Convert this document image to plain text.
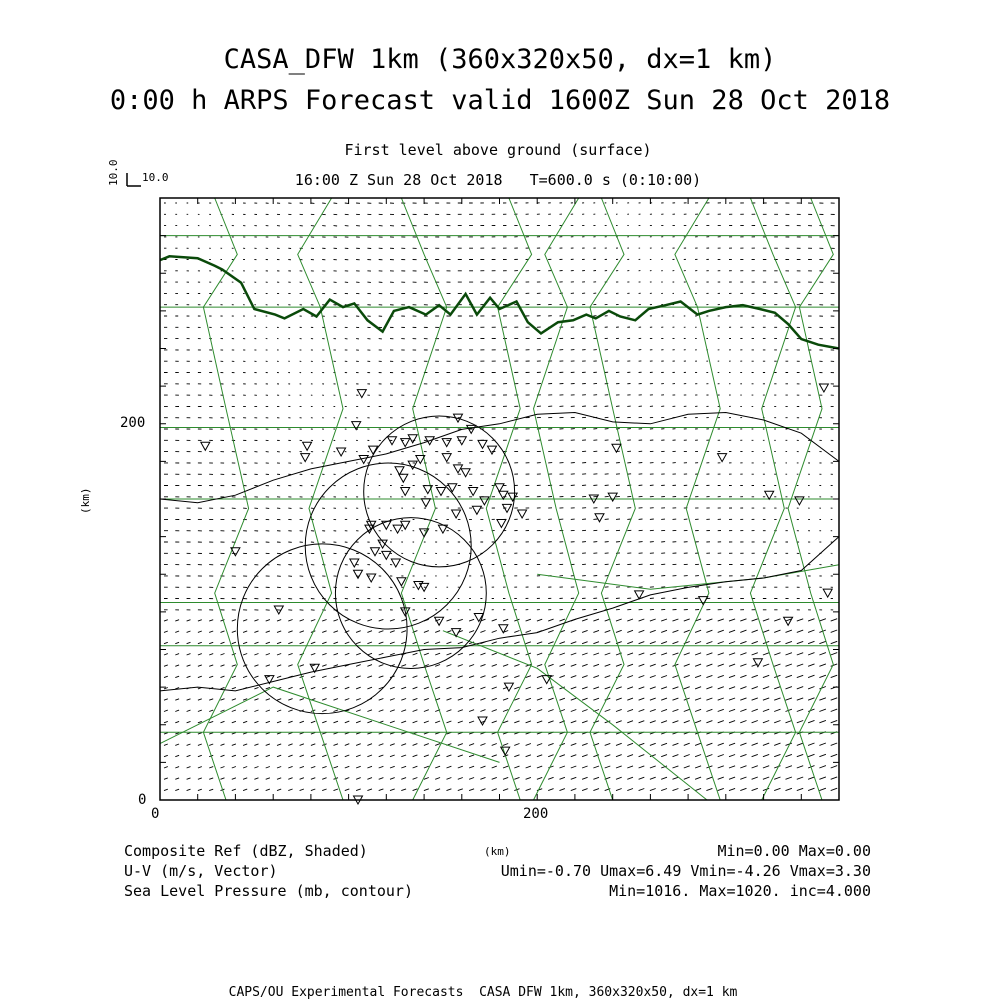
CASA_DFW 1km (360x320x50, dx=1 km)
0:00 h ARPS Forecast valid 1600Z Sun 28 Oct 2018
First level above ground (surface)
16:00 Z Sun 28 Oct 2018   T=600.0 s (0:10:00)
10.0 10.0
0	200
0
200
(km)
(km)
Composite Ref (dBZ, Shaded)	Min=0.00 Max=0.00
U-V (m/s, Vector)	Umin=-0.70 Umax=6.49 Vmin=-4.26 Vmax=3.30
Sea Level Pressure (mb, contour)	Min=1016. Max=1020. inc=4.000
CAPS/OU Experimental Forecasts  CASA DFW 1km, 360x320x50, dx=1 km
